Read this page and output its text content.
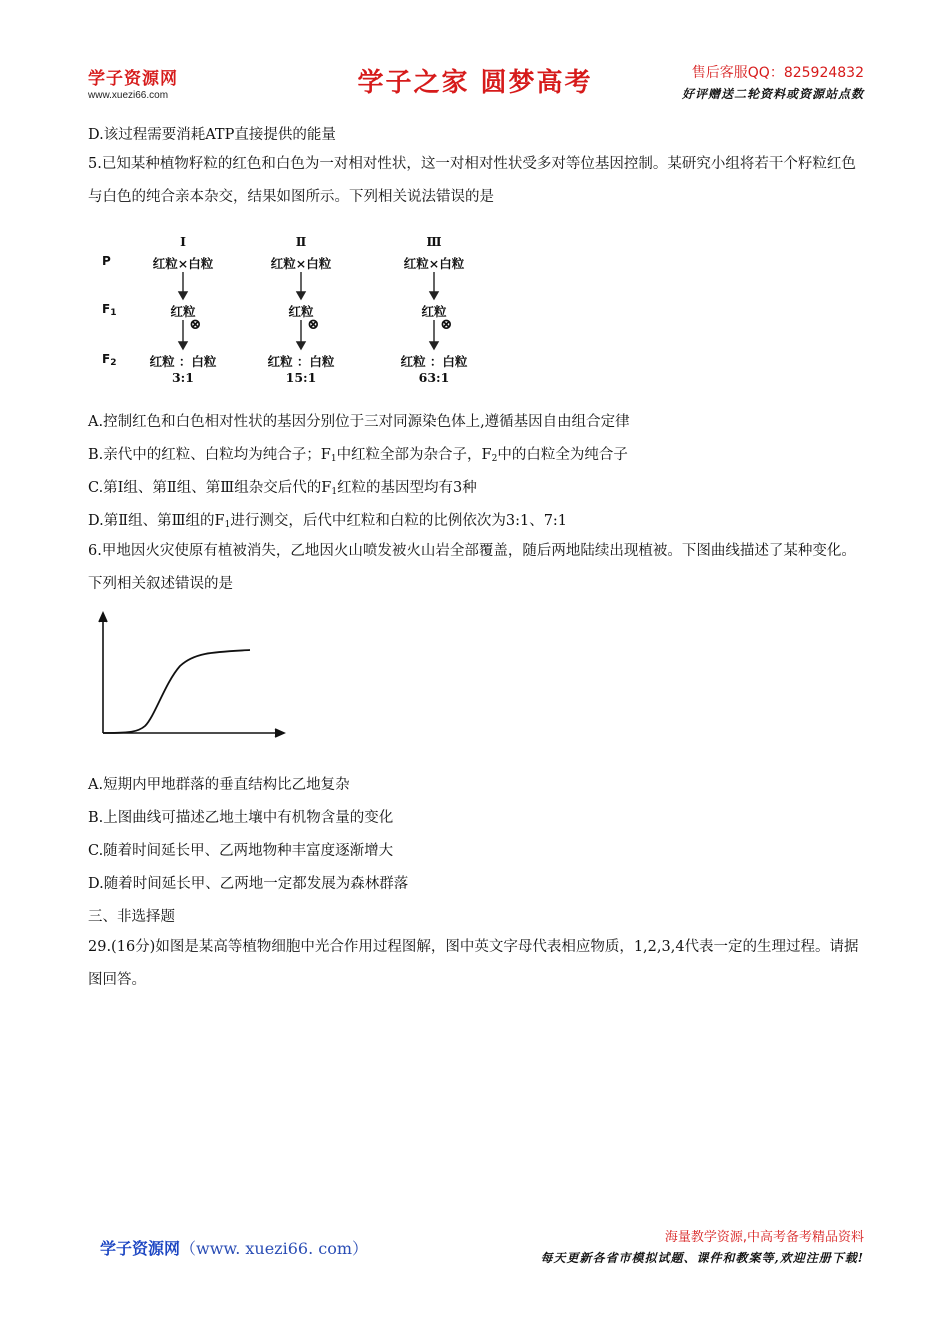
学子资源网
www.xuezi66.com	学子之家 圆梦高考	售后客服QQ：825924832
好评赠送二轮资料或资源站点数
D.该过程需要消耗ATP直接提供的能量
5.已知某种植物籽粒的红色和白色为一对相对性状，这一对相对性状受多对等位基因控制。某研究小组将若干个籽粒红色与白色的纯合亲本杂交，结果如图所示。下列相关说法错误的是
P
$F_1$
$F_2$
Ⅰ
红粒×白粒
红粒
红粒 ：白粒
3:1
Ⅱ
红粒×白粒
红粒
红粒 ：白粒
15:1
Ⅲ
红粒×白粒
红粒
红粒 ：白粒
63:1
⊗	⊗	⊗
A.控制红色和白色相对性状的基因分别位于三对同源染色体上,遵循基因自由组合定律
B.亲代中的红粒、白粒均为纯合子；$F_1$中红粒全部为杂合子，$F_2$中的白粒全为纯合子
C.第Ⅰ组、第Ⅱ组、第Ⅲ组杂交后代的$F_1$红粒的基因型均有3种
D.第Ⅱ组、第Ⅲ组的$F_1$进行测交，后代中红粒和白粒的比例依次为3:1、7:1
6.甲地因火灾使原有植被消失，乙地因火山喷发被火山岩全部覆盖，随后两地陆续出现植被。下图曲线描述了某种变化。下列相关叙述错误的是
A.短期内甲地群落的垂直结构比乙地复杂
B.上图曲线可描述乙地土壤中有机物含量的变化
C.随着时间延长甲、乙两地物种丰富度逐渐增大
D.随着时间延长甲、乙两地一定都发展为森林群落
三、非选择题
29.(16分)如图是某高等植物细胞中光合作用过程图解，图中英文字母代表相应物质，1,2,3,4代表一定的生理过程。请据图回答。
学子资源网（www. xuezi66. com）
海量教学资源,中高考备考精品资料
每天更新各省市模拟试题、课件和教案等,欢迎注册下载!
